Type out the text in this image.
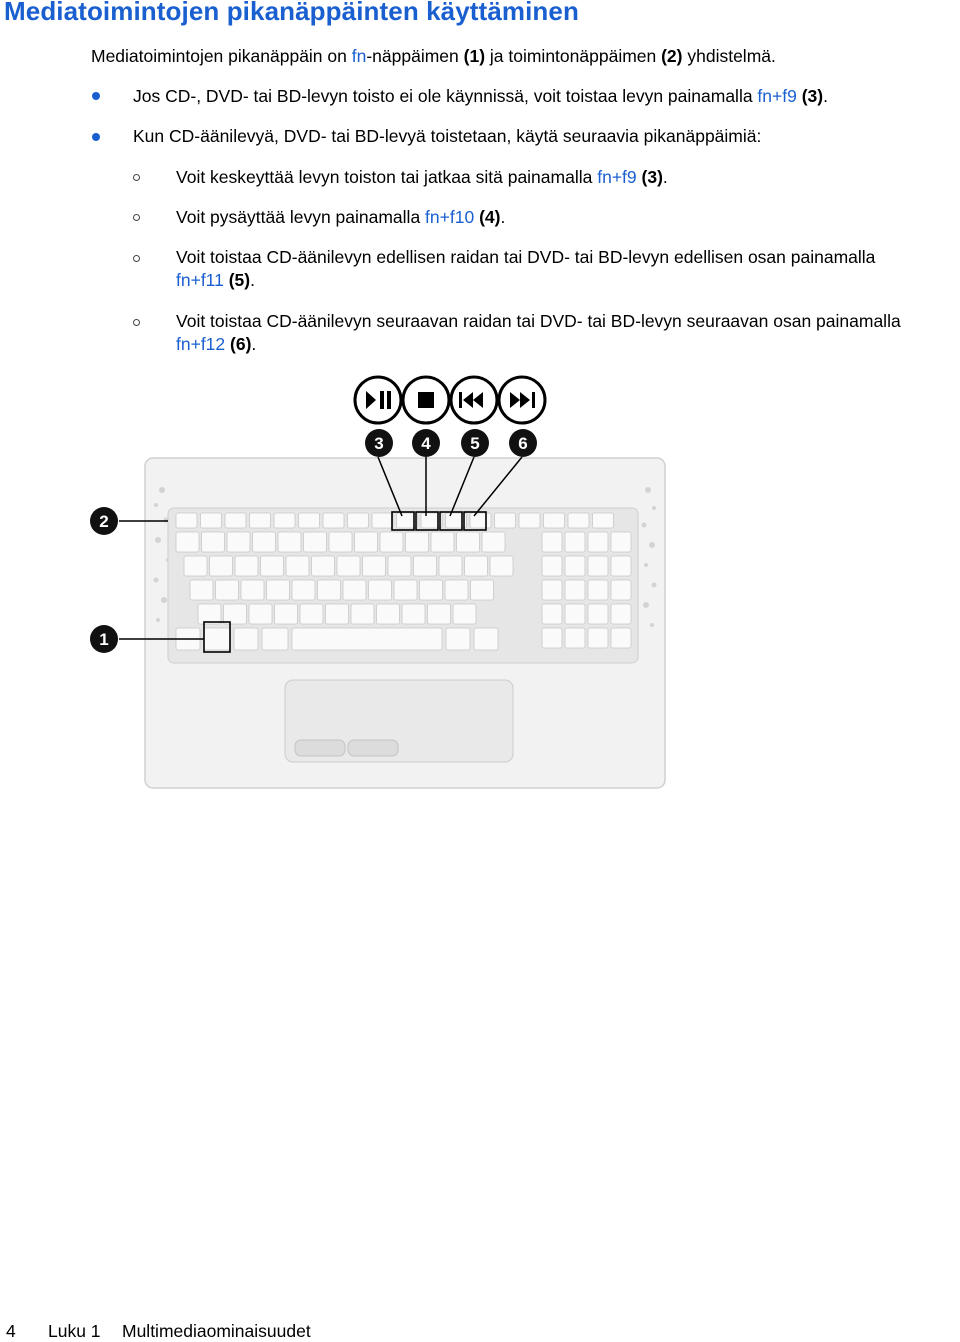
Mediatoimintojen pikanäppäinten käyttäminen
Mediatoimintojen pikanäppäin on fn-näppäimen (1) ja toimintonäppäimen (2) yhdistelmä.
Jos CD-, DVD- tai BD-levyn toisto ei ole käynnissä, voit toistaa levyn painamalla fn+f9 (3).
Kun CD-äänilevyä, DVD- tai BD-levyä toistetaan, käytä seuraavia pikanäppäimiä:
Voit keskeyttää levyn toiston tai jatkaa sitä painamalla fn+f9 (3).
Voit pysäyttää levyn painamalla fn+f10 (4).
Voit toistaa CD-äänilevyn edellisen raidan tai DVD- tai BD-levyn edellisen osan painamalla
fn+f11 (5).
Voit toistaa CD-äänilevyn seuraavan raidan tai DVD- tai BD-levyn seuraavan osan painamalla
fn+f12 (6).
3 4 5 6
2
1
4 Luku 1 Multimediaominaisuudet
